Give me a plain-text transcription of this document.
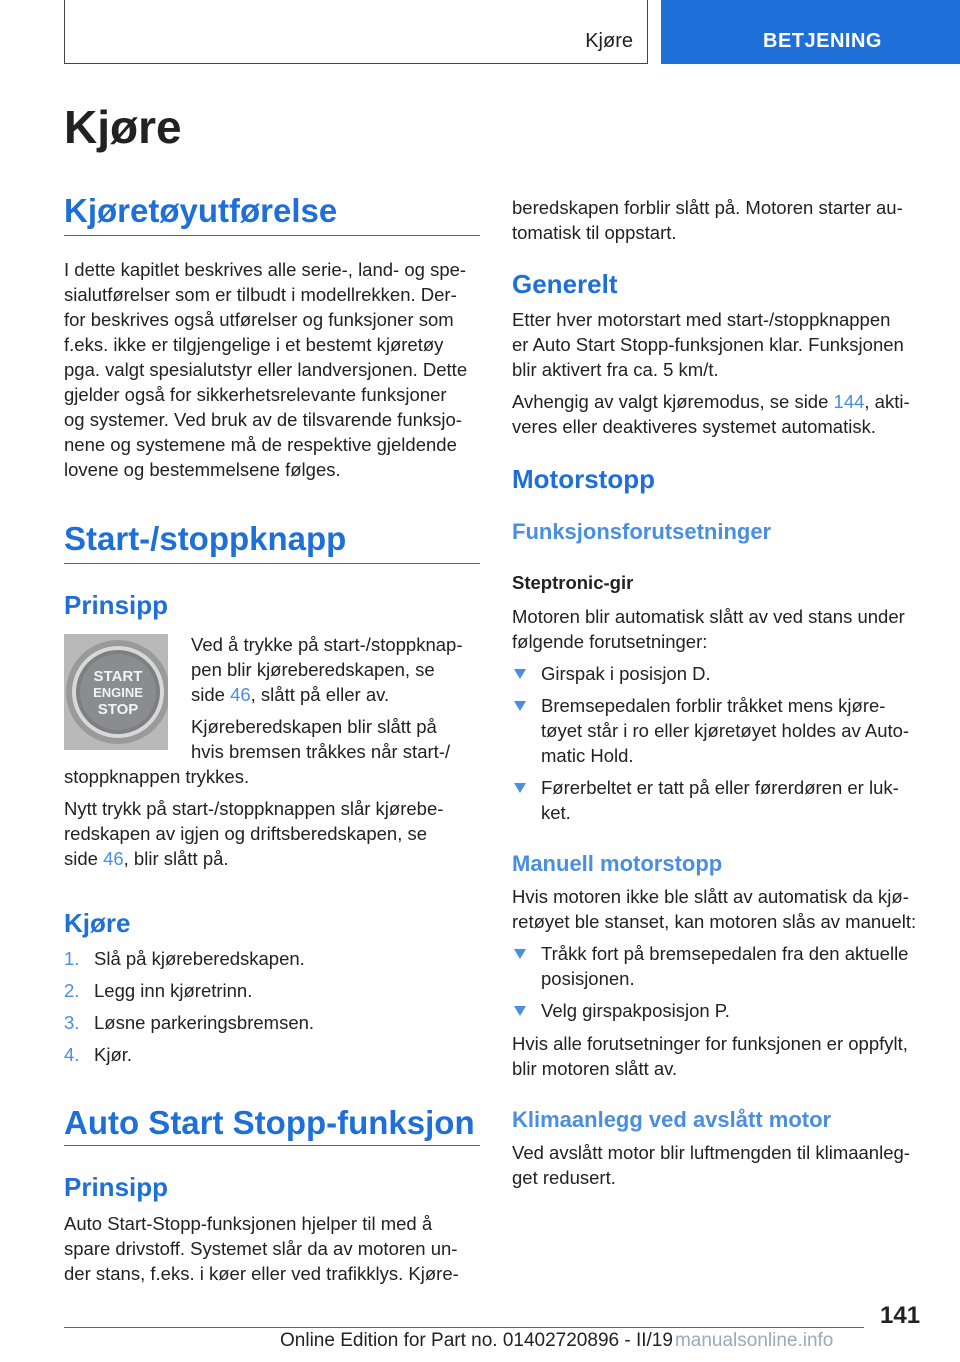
Kjøre	BETJENING
Kjøre
Kjøretøyutførelse

I dette kapitlet beskrives alle serie-, land- og spe-

sialutførelser som er tilbudt i modellrekken. Der-

for beskrives også utførelser og funksjoner som

f.eks. ikke er tilgjengelige i et bestemt kjøretøy

pga. valgt spesialutstyr eller landversjonen. Dette

gjelder også for sikkerhetsrelevante funksjoner

og systemer. Ved bruk av de tilsvarende funksjo-

nene og systemene må de respektive gjeldende

lovene og bestemmelsene følges.

Start-/stoppknapp
Prinsipp
START
ENGINE
STOP

Ved å trykke på start-/stoppknap-

pen blir kjøreberedskapen, se

side 46, slått på eller av.

Kjøreberedskapen blir slått på

hvis bremsen tråkkes når start-/

stoppknappen trykkes.

Nytt trykk på start-/stoppknappen slår kjørebe-

redskapen av igjen og driftsberedskapen, se

side 46, blir slått på.

Kjøre
1. Slå på kjøreberedskapen.

2. Legg inn kjøretrinn.

3. Løsne parkeringsbremsen.

4. Kjør.

Auto Start Stopp-funksjon
Prinsipp

Auto Start-Stopp-funksjonen hjelper til med å

spare drivstoff. Systemet slår da av motoren un-

der stans, f.eks. i køer eller ved trafikklys. Kjøre-

beredskapen forblir slått på. Motoren starter au-

tomatisk til oppstart.

Generelt

Etter hver motorstart med start-/stoppknappen

er Auto Start Stopp-funksjonen klar. Funksjonen

blir aktivert fra ca. 5 km/t.

Avhengig av valgt kjøremodus, se side 144, akti-

veres eller deaktiveres systemet automatisk.

Motorstopp
Funksjonsforutsetninger
Steptronic-gir

Motoren blir automatisk slått av ved stans under

følgende forutsetninger:

Girspak i posisjon D.

Bremsepedalen forblir tråkket mens kjøre-

tøyet står i ro eller kjøretøyet holdes av Auto-

matic Hold.

Førerbeltet er tatt på eller førerdøren er luk-

ket.

Manuell motorstopp

Hvis motoren ikke ble slått av automatisk da kjø-

retøyet ble stanset, kan motoren slås av manuelt:

Tråkk fort på bremsepedalen fra den aktuelle

posisjonen.

Velg girspakposisjon P.

Hvis alle forutsetninger for funksjonen er oppfylt,

blir motoren slått av.

Klimaanlegg ved avslått motor

Ved avslått motor blir luftmengden til klimaanleg-

get redusert.

141
Online Edition for Part no. 01402720896 - II/19 manualsonline.info
